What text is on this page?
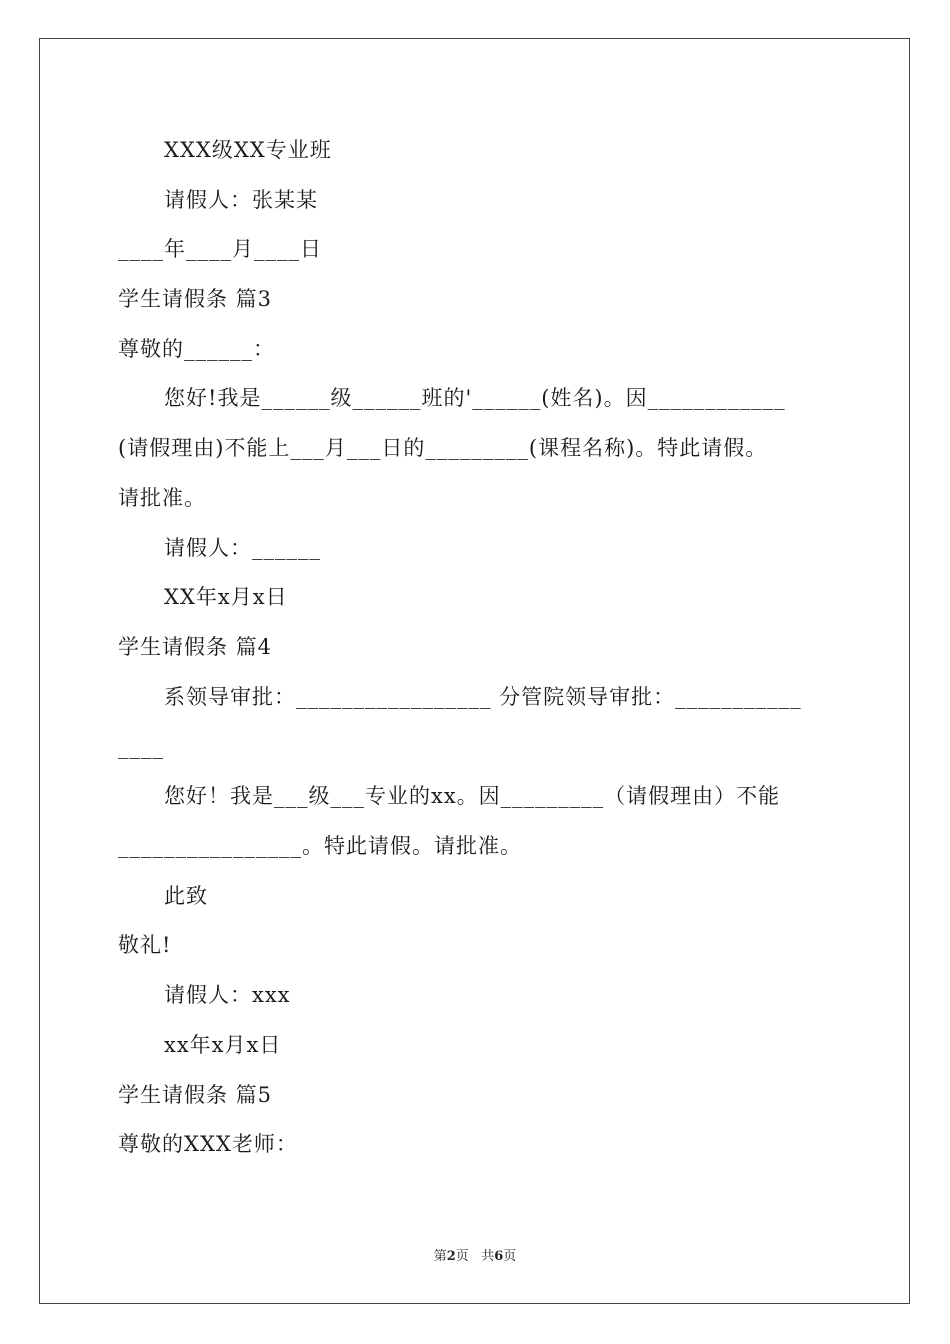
XXX级XX专业班
请假人：张某某
____年____月____日
学生请假条 篇3
尊敬的______：
您好!我是______级______班的'______(姓名)。因____________
(请假理由)不能上___月___日的_________(课程名称)。特此请假。
请批准。
请假人：______
XX年x月x日
学生请假条 篇4
系领导审批：_________________ 分管院领导审批：___________
____
您好！我是___级___专业的xx。因_________（请假理由）不能
________________。特此请假。请批准。
此致
敬礼!
请假人：xxx
xx年x月x日
学生请假条 篇5
尊敬的XXX老师：
第2页 共6页
